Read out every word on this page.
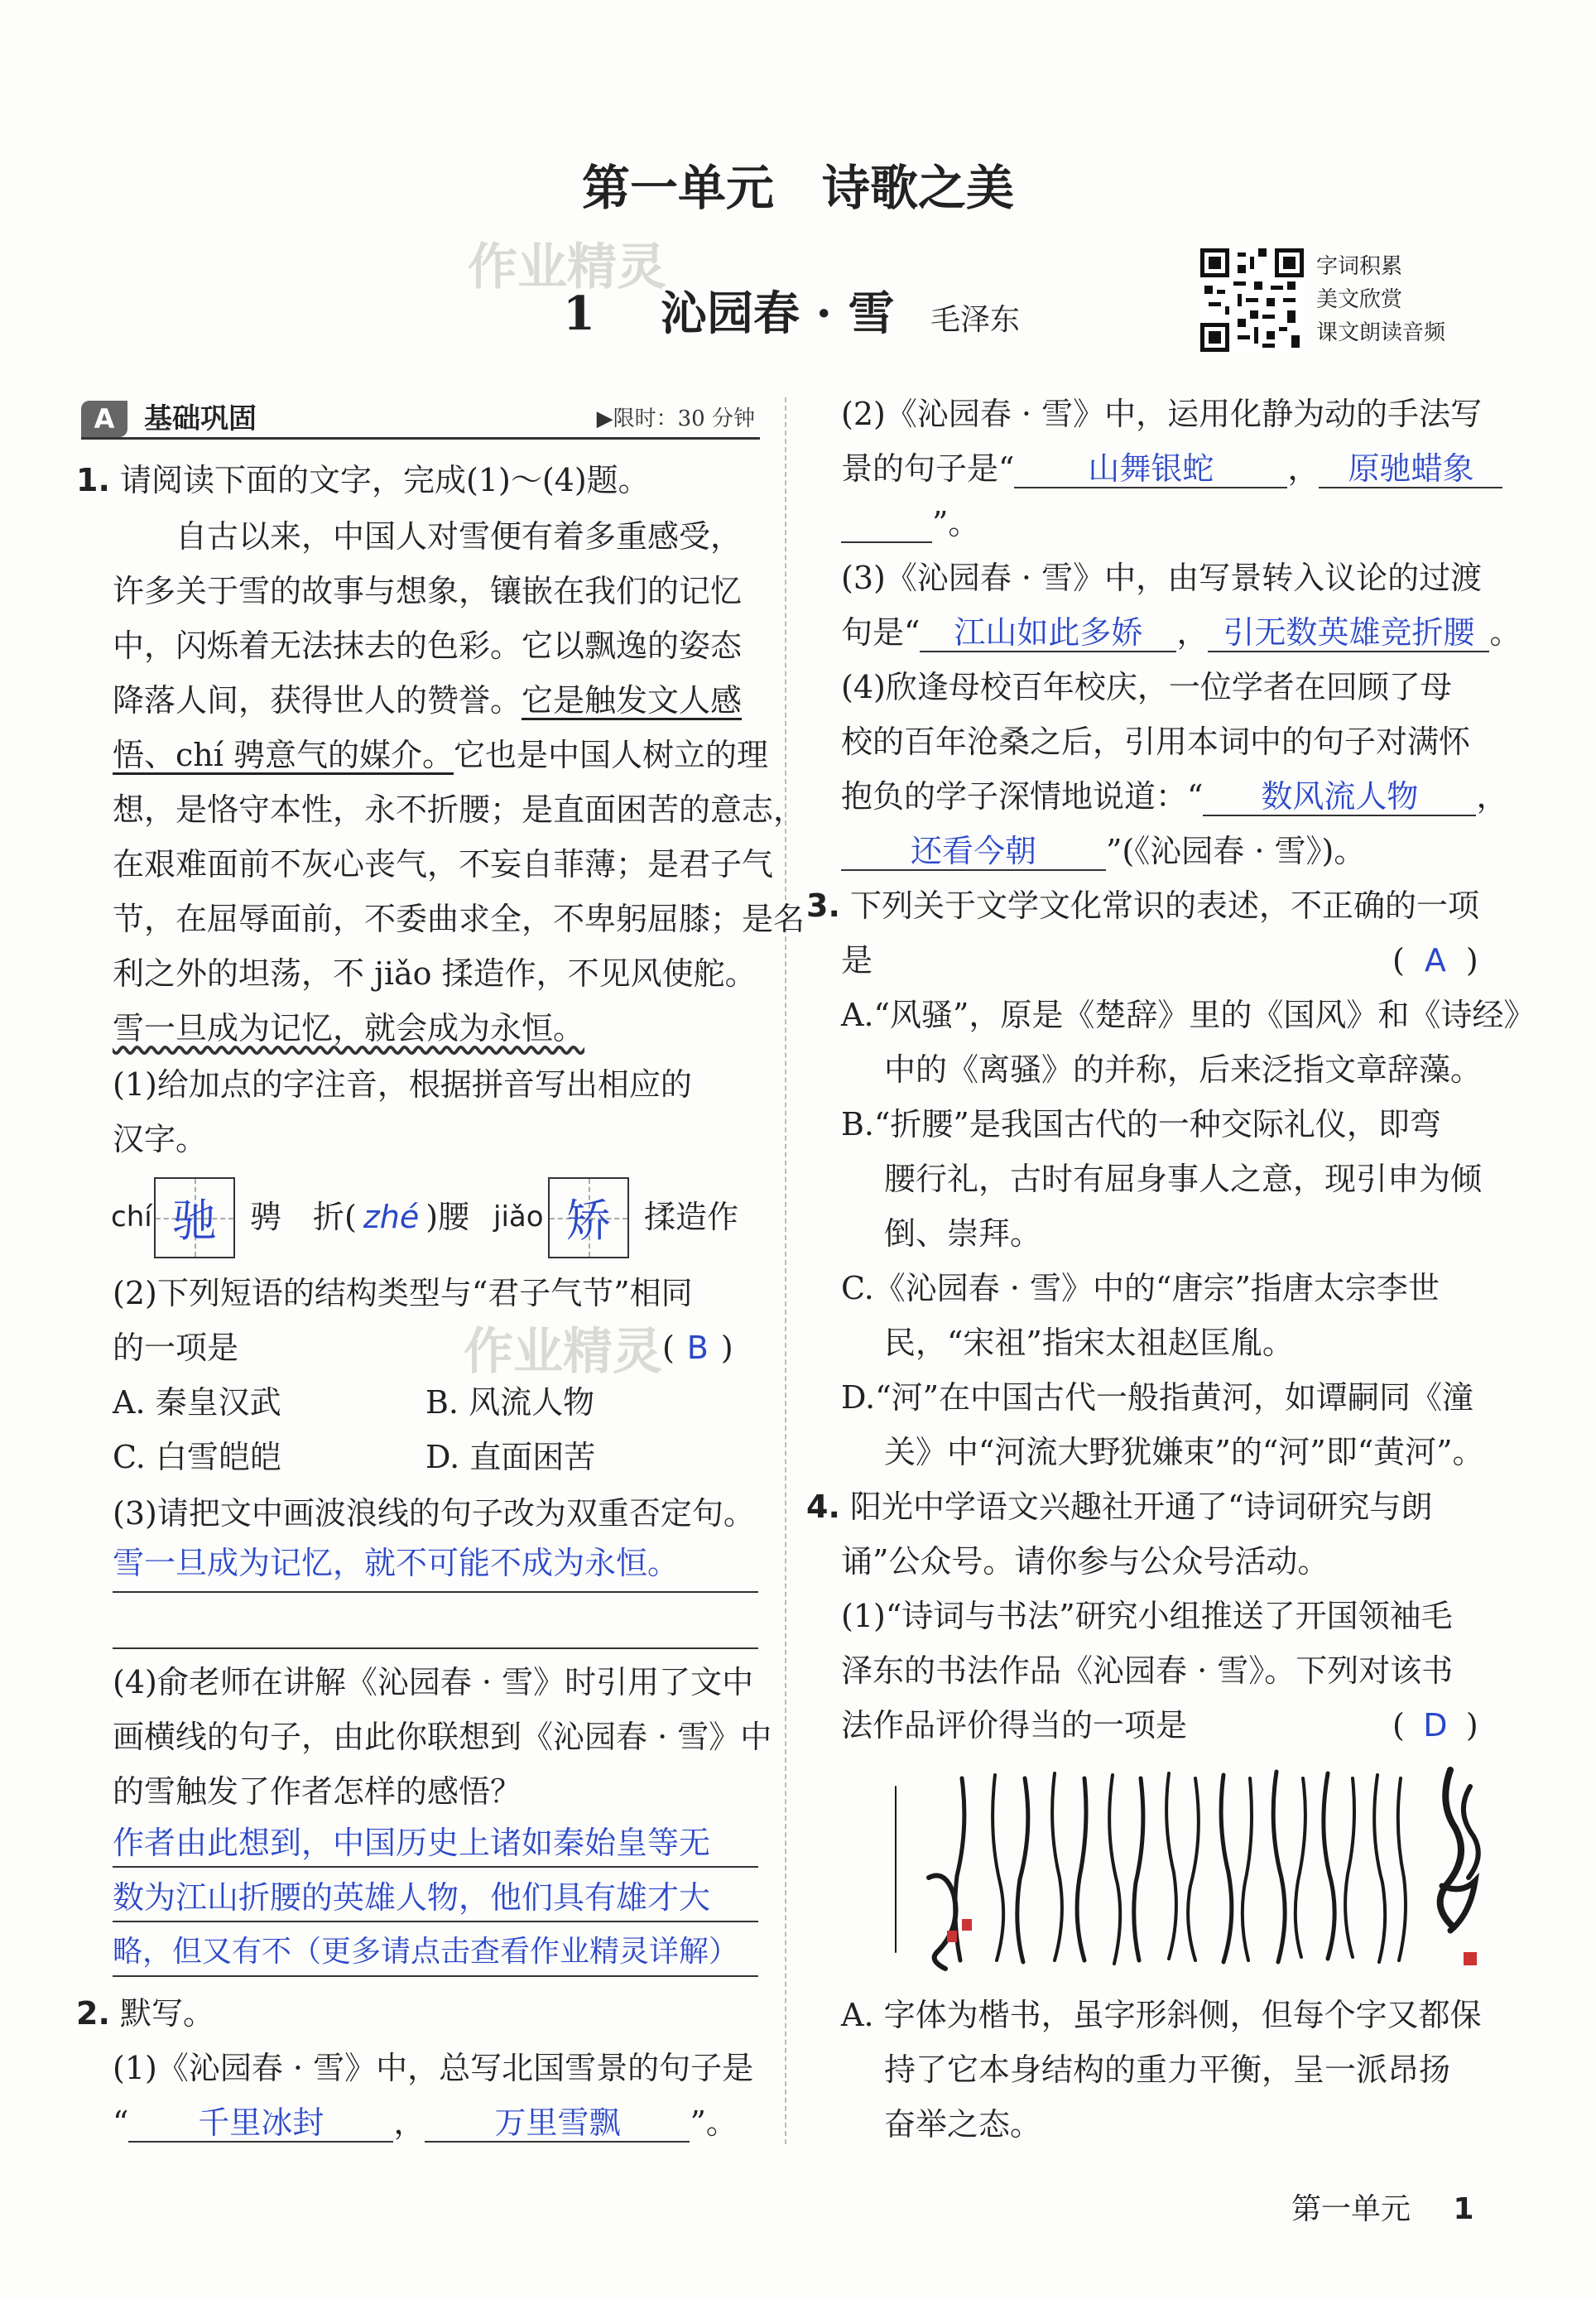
第一单元　诗歌之美
作业精灵
1 沁园春 · 雪 毛泽东
字词积累
美文欣赏
课文朗读音频
A	基础巩固	▶限时：30 分钟
1. 请阅读下面的文字，完成(1)～(4)题。
自古以来，中国人对雪便有着多重感受，
许多关于雪的故事与想象，镶嵌在我们的记忆
中，闪烁着无法抹去的色彩。它以飘逸的姿态
降落人间，获得世人的赞誉。它是触发文人感
悟、chí 骋意气的媒介。它也是中国人树立的理
想，是恪守本性，永不折腰；是直面困苦的意志，
在艰难面前不灰心丧气，不妄自菲薄；是君子气
节，在屈辱面前，不委曲求全，不卑躬屈膝；是名
利之外的坦荡，不 jiǎo 揉造作，不见风使舵。
雪一旦成为记忆，就会成为永恒。
(1)给加点的字注音，根据拼音写出相应的
汉字。
chí 驰	骋 折( zhé )腰 jiǎo 矫	揉造作
(2)下列短语的结构类型与“君子气节”相同
的一项是	作业精灵 ( B )
A. 秦皇汉武	B. 风流人物
C. 白雪皑皑	D. 直面困苦
(3)请把文中画波浪线的句子改为双重否定句。
雪一旦成为记忆，就不可能不成为永恒。
(4)俞老师在讲解《沁园春 · 雪》时引用了文中
画横线的句子，由此你联想到《沁园春 · 雪》中
的雪触发了作者怎样的感悟？
作者由此想到，中国历史上诸如秦始皇等无
数为江山折腰的英雄人物，他们具有雄才大
略，但又有不（更多请点击查看作业精灵详解）
2. 默写。
(1)《沁园春 · 雪》中，总写北国雪景的句子是
“ 千里冰封 ， 万里雪飘 ”。
(2)《沁园春 · 雪》中，运用化静为动的手法写
景的句子是“ 山舞银蛇 ， 原驰蜡象
”。
(3)《沁园春 · 雪》中，由写景转入议论的过渡
句是“ 江山如此多娇 ， 引无数英雄竞折腰 。
(4)欣逢母校百年校庆，一位学者在回顾了母
校的百年沧桑之后，引用本词中的句子对满怀
抱负的学子深情地说道：“ 数风流人物 ，
还看今朝 ”(《沁园春 · 雪》)。
3. 下列关于文学文化常识的表述，不正确的一项
是	( A )
A.“风骚”，原是《楚辞》里的《国风》和《诗经》
中的《离骚》的并称，后来泛指文章辞藻。
B.“折腰”是我国古代的一种交际礼仪，即弯
腰行礼，古时有屈身事人之意，现引申为倾
倒、崇拜。
C.《沁园春 · 雪》中的“唐宗”指唐太宗李世
民，“宋祖”指宋太祖赵匡胤。
D.“河”在中国古代一般指黄河，如谭嗣同《潼
关》中“河流大野犹嫌束”的“河”即“黄河”。
4. 阳光中学语文兴趣社开通了“诗词研究与朗
诵”公众号。请你参与公众号活动。
(1)“诗词与书法”研究小组推送了开国领袖毛
泽东的书法作品《沁园春 · 雪》。下列对该书
法作品评价得当的一项是	( D )
A. 字体为楷书，虽字形斜侧，但每个字又都保
持了它本身结构的重力平衡，呈一派昂扬
奋举之态。
第一单元 1
